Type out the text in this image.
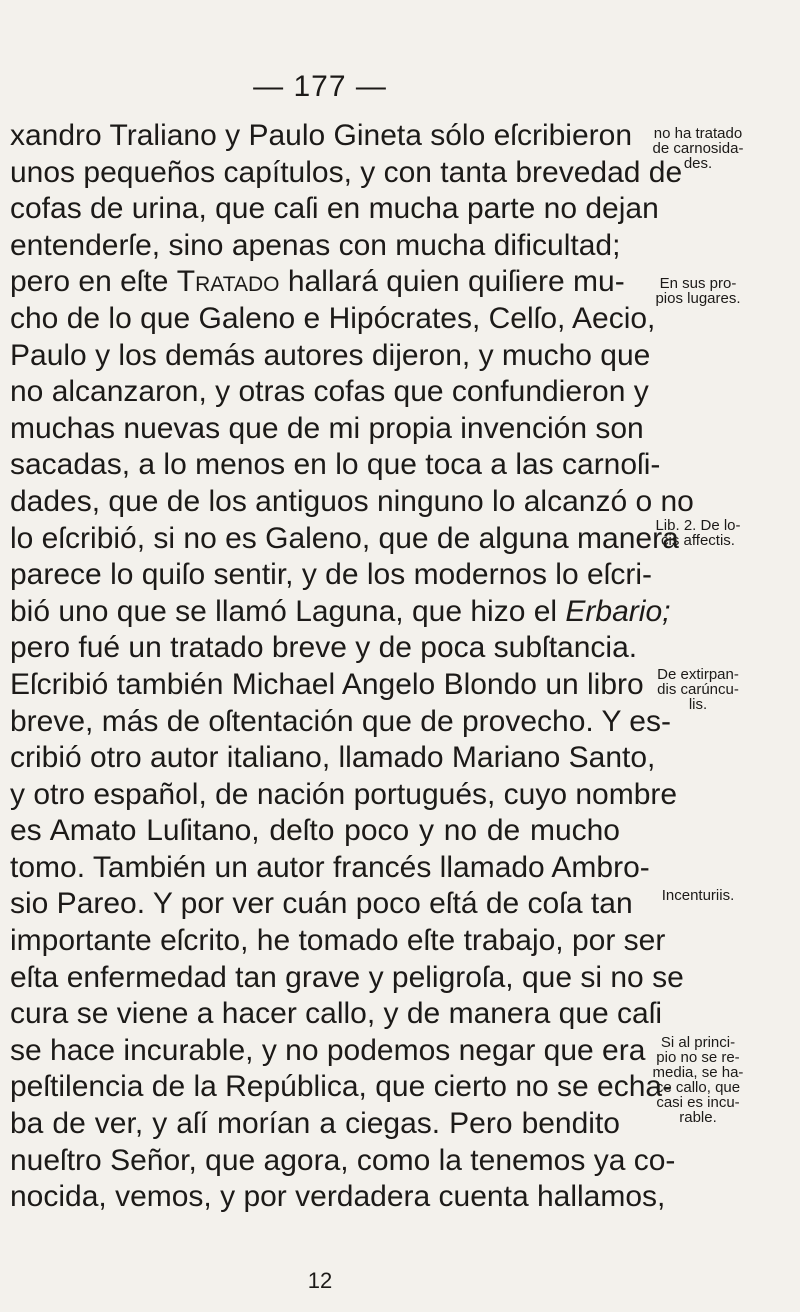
— 177 —
xandro Traliano y Paulo Gineta sólo eſcribieron
unos pequeños capítulos, y con tanta brevedad de
cofas de urina, que caſi en mucha parte no dejan
entenderſe, sino apenas con mucha dificultad;
pero en eſte Tratado hallará quien quiſiere mu-
cho de lo que Galeno e Hipócrates, Celſo, Aecio,
Paulo y los demás autores dijeron, y mucho que
no alcanzaron, y otras cofas que confundieron y
muchas nuevas que de mi propia invención son
sacadas, a lo menos en lo que toca a las carnoſi-
dades, que de los antiguos ninguno lo alcanzó o no
lo eſcribió, si no es Galeno, que de alguna manera
parece lo quiſo sentir, y de los modernos lo eſcri-
bió uno que se llamó Laguna, que hizo el Erbario;
pero fué un tratado breve y de poca subſtancia.
Eſcribió también Michael Angelo Blondo un libro
breve, más de oſtentación que de provecho. Y es-
cribió otro autor italiano, llamado Mariano Santo,
y otro español, de nación portugués, cuyo nombre
es Amato Luſitano, deſto poco y no de mucho
tomo. También un autor francés llamado Ambro-
sio Pareo. Y por ver cuán poco eſtá de coſa tan
importante eſcrito, he tomado eſte trabajo, por ser
eſta enfermedad tan grave y peligroſa, que si no se
cura se viene a hacer callo, y de manera que caſi
se hace incurable, y no podemos negar que era
peſtilencia de la República, que cierto no se echa-
ba de ver, y aſí morían a ciegas. Pero bendito
nueſtro Señor, que agora, como la tenemos ya co-
nocida, vemos, y por verdadera cuenta hallamos,
no ha tratado
de carnosida-
des.
En sus pro-
pios lugares.
Lib. 2. De lo-
cis affectis.
De extirpan-
dis carúncu-
lis.
Incenturiis.
Si al princi-
pio no se re-
media, se ha-
ce callo, que
casi es incu-
rable.
12
